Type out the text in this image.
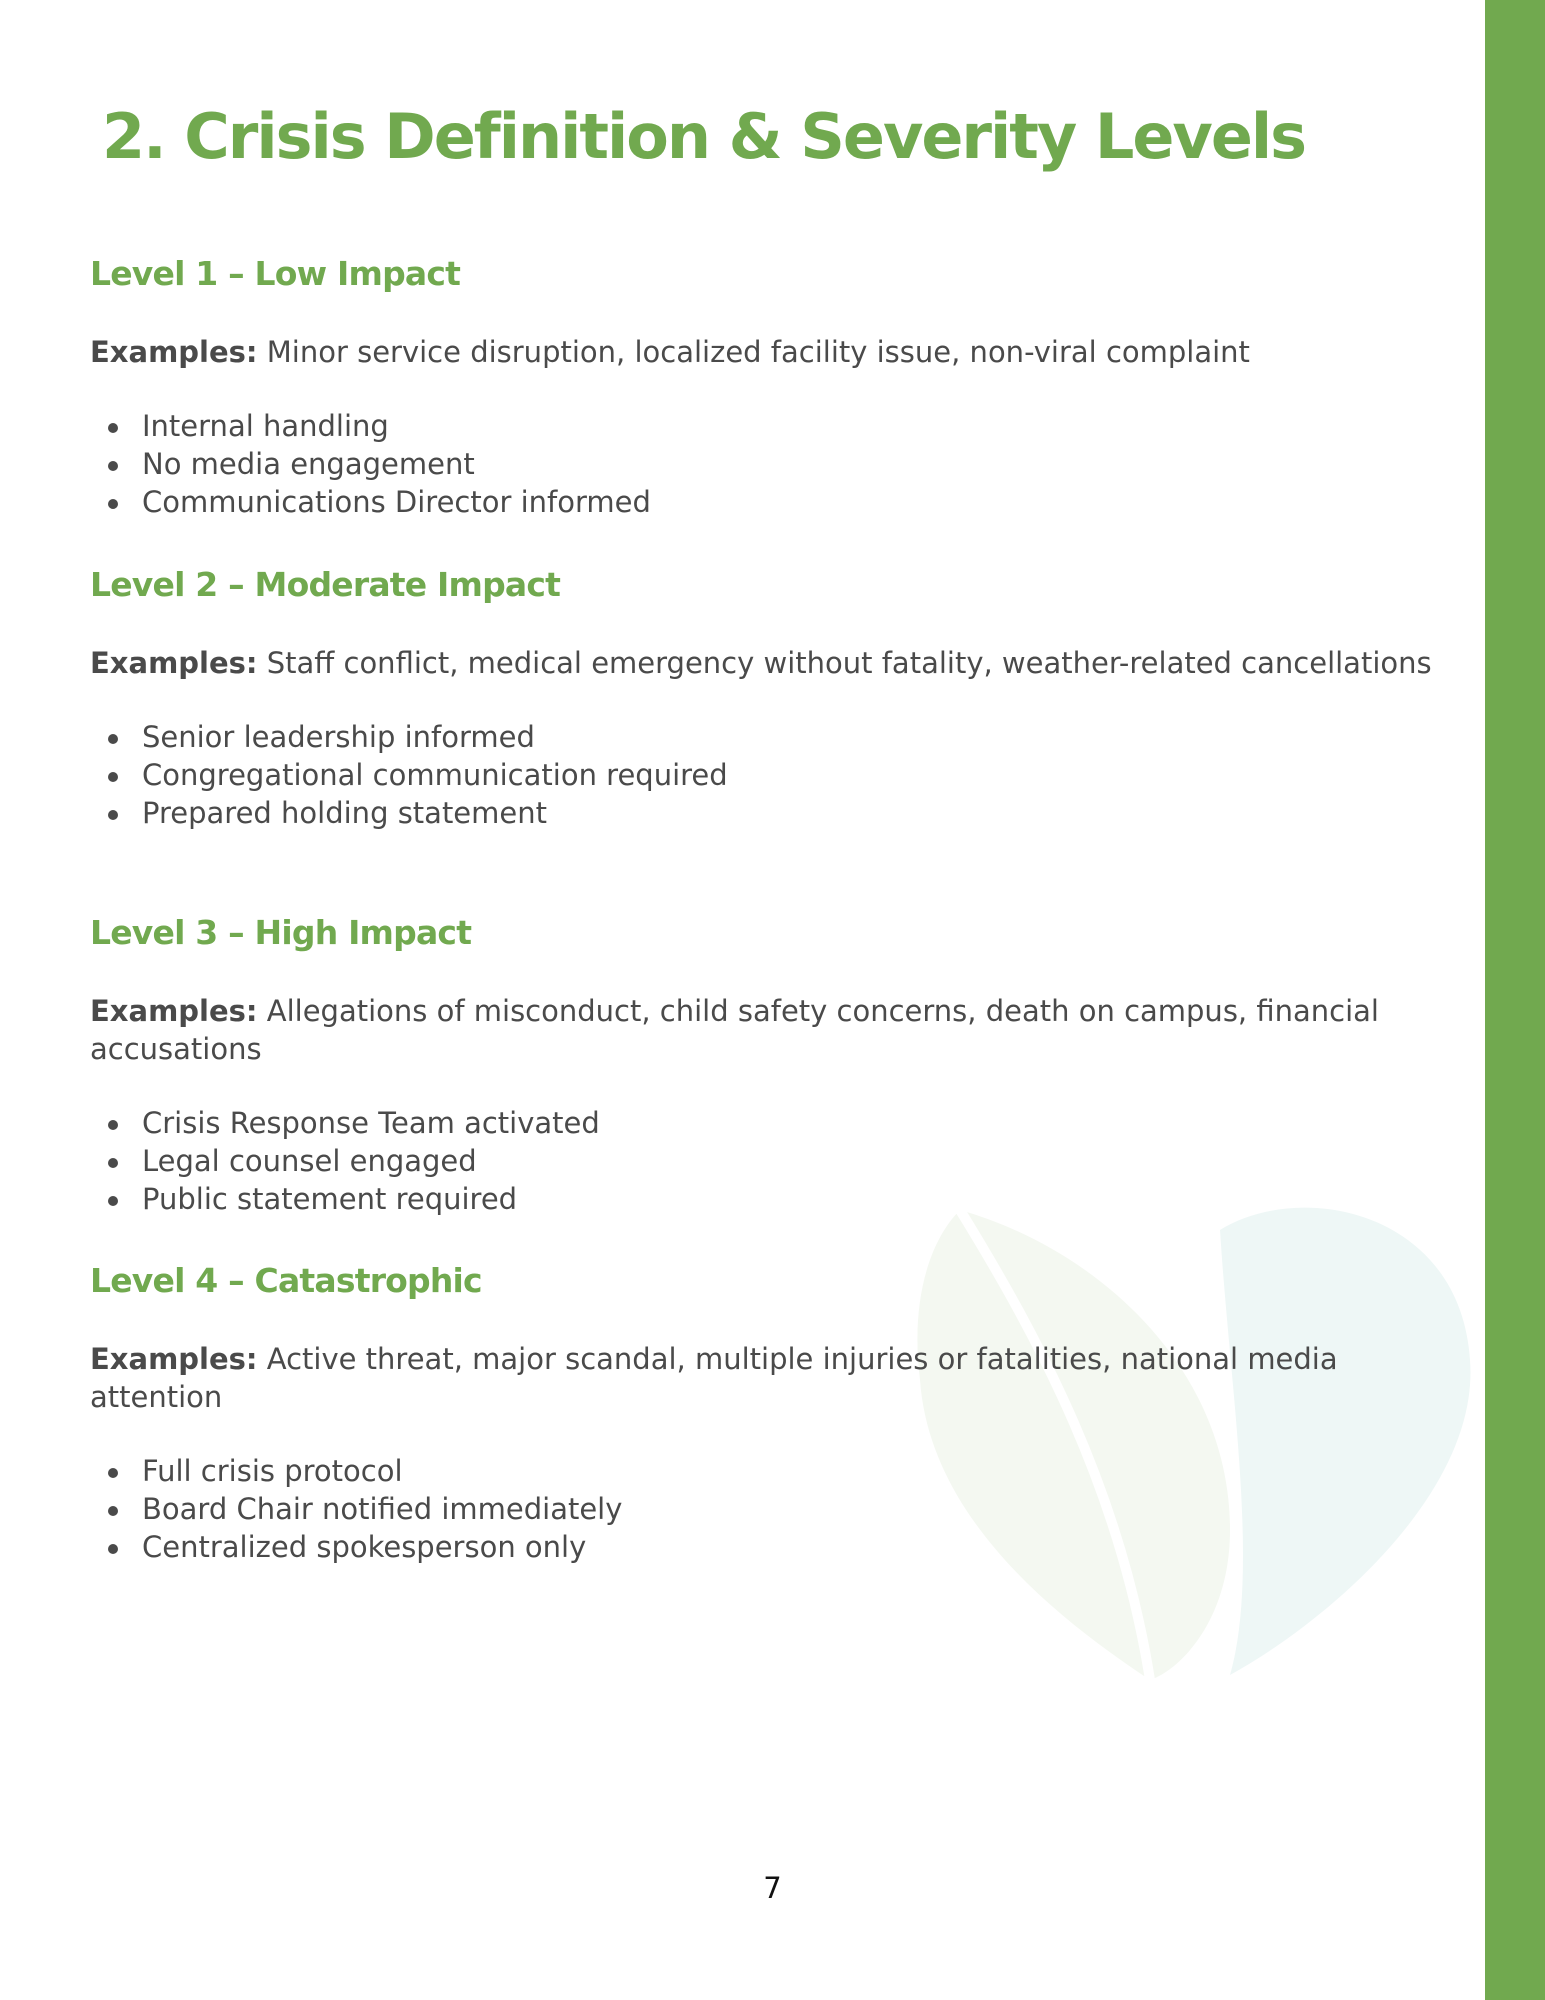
2. Crisis Definition & Severity Levels
Level 1 – Low Impact

Examples: Minor service disruption, localized facility issue, non-viral complaint

Internal handling
No media engagement
Communications Director informed
Level 2 – Moderate Impact

Examples: Staff conflict, medical emergency without fatality, weather-related cancellations

Senior leadership informed
Congregational communication required
Prepared holding statement
Level 3 – High Impact

Examples: Allegations of misconduct, child safety concerns, death on campus, financial accusations

Crisis Response Team activated
Legal counsel engaged
Public statement required
Level 4 – Catastrophic

Examples: Active threat, major scandal, multiple injuries or fatalities, national media attention

Full crisis protocol
Board Chair notified immediately
Centralized spokesperson only
7
